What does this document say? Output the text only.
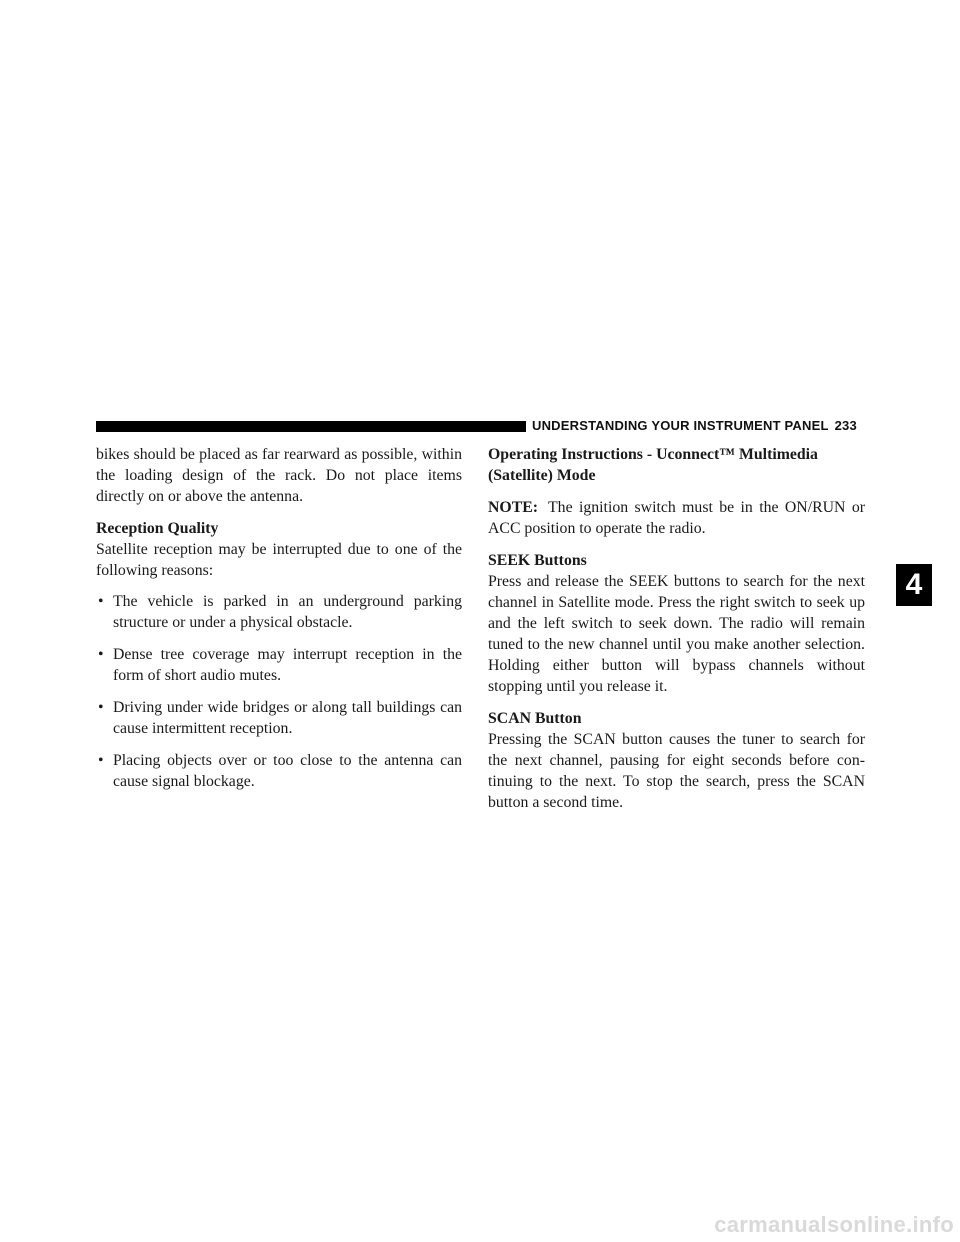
UNDERSTANDING YOUR INSTRUMENT PANEL 233

bikes should be placed as far rearward as possible, within the loading design of the rack. Do not place items directly on or above the antenna.

Reception Quality

Satellite reception may be interrupted due to one of the following reasons:

• The vehicle is parked in an underground parking structure or under a physical obstacle.
• Dense tree coverage may interrupt reception in the form of short audio mutes.
• Driving under wide bridges or along tall buildings can cause intermittent reception.
• Placing objects over or too close to the antenna can cause signal blockage.

Operating Instructions - Uconnect™ Multimedia (Satellite) Mode

NOTE: The ignition switch must be in the ON/RUN or ACC position to operate the radio.

SEEK Buttons

Press and release the SEEK buttons to search for the next channel in Satellite mode. Press the right switch to seek up and the left switch to seek down. The radio will remain tuned to the new channel until you make another selection. Holding either button will bypass channels without stopping until you release it.

SCAN Button

Pressing the SCAN button causes the tuner to search for the next channel, pausing for eight seconds before con-tinuing to the next. To stop the search, press the SCAN button a second time.

4
carmanualsonline.info
